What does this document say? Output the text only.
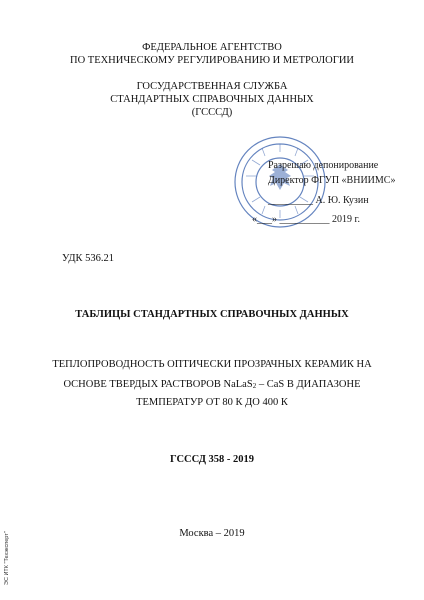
ФЕДЕРАЛЬНОЕ АГЕНТСТВО
ПО ТЕХНИЧЕСКОМУ РЕГУЛИРОВАНИЮ И МЕТРОЛОГИИ
ГОСУДАРСТВЕННАЯ СЛУЖБА
СТАНДАРТНЫХ СПРАВОЧНЫХ ДАННЫХ
(ГСССД)
Разрешаю депонирование
Директор ФГУП «ВНИИМС»
_________ А. Ю. Кузин
«___» __________ 2019 г.
УДК 536.21
ТАБЛИЦЫ СТАНДАРТНЫХ СПРАВОЧНЫХ ДАННЫХ
ТЕПЛОПРОВОДНОСТЬ ОПТИЧЕСКИ ПРОЗРАЧНЫХ КЕРАМИК НА
ОСНОВЕ ТВЕРДЫХ РАСТВОРОВ NaLaS$_2$ – CaS В ДИАПАЗОНЕ
ТЕМПЕРАТУР ОТ 80 К ДО 400 К
ГСССД 358 - 2019
Москва – 2019
ЭС ИТК "Техэксперт"
